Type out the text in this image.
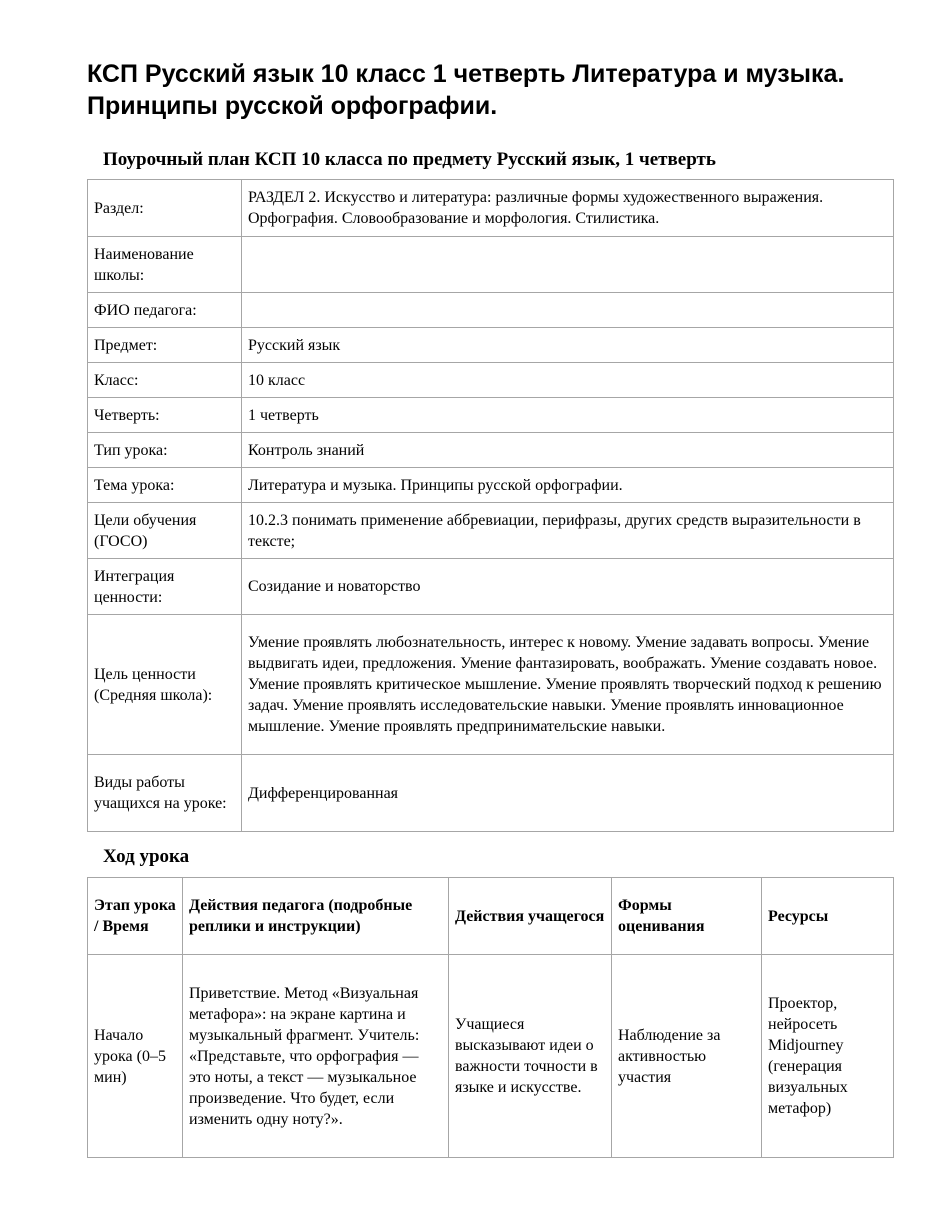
КСП Русский язык 10 класс 1 четверть Литература и музыка. Принципы русской орфографии.

Поурочный план КСП 10 класса по предмету Русский язык, 1 четверть

Раздел:	РАЗДЕЛ 2. Искусство и литература: различные формы художественного выражения. Орфография. Словообразование и морфология. Стилистика.
Наименование школы:	
ФИО педагога:	
Предмет:	Русский язык
Класс:	10 класс
Четверть:	1 четверть
Тип урока:	Контроль знаний
Тема урока:	Литература и музыка. Принципы русской орфографии.
Цели обучения (ГОСО)	10.2.3 понимать применение аббревиации, перифразы, других средств выразительности в тексте;
Интеграция ценности:	Созидание и новаторство
Цель ценности (Средняя школа):	Умение проявлять любознательность, интерес к новому. Умение задавать вопросы. Умение выдвигать идеи, предложения. Умение фантазировать, воображать. Умение создавать новое. Умение проявлять критическое мышление. Умение проявлять творческий подход к решению задач. Умение проявлять исследовательские навыки. Умение проявлять инновационное мышление. Умение проявлять предпринимательские навыки.
Виды работы учащихся на уроке:	Дифференцированная

Ход урока

Этап урока / Время	Действия педагога (подробные реплики и инструкции)	Действия учащегося	Формы оценивания	Ресурсы
Начало урока (0–5 мин)	Приветствие. Метод «Визуальная метафора»: на экране картина и музыкальный фрагмент. Учитель: «Представьте, что орфография — это ноты, а текст — музыкальное произведение. Что будет, если изменить одну ноту?».	Учащиеся высказывают идеи о важности точности в языке и искусстве.	Наблюдение за активностью участия	Проектор, нейросеть Midjourney (генерация визуальных метафор)
